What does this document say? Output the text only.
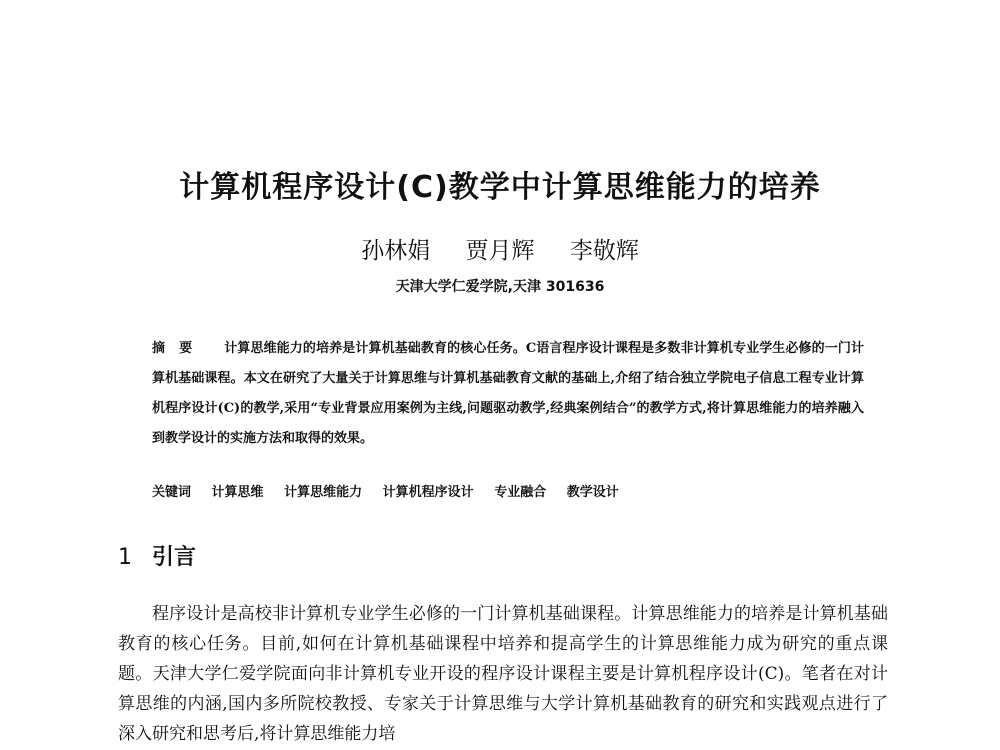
计算机程序设计(C)教学中计算思维能力的培养
孙林娟 贾月辉 李敬辉
天津大学仁爱学院,天津 301636
摘要 计算思维能力的培养是计算机基础教育的核心任务。C语言程序设计课程是多数非计算机专业学生必修的一门计算机基础课程。本文在研究了大量关于计算思维与计算机基础教育文献的基础上,介绍了结合独立学院电子信息工程专业计算机程序设计(C)的教学,采用“专业背景应用案例为主线,问题驱动教学,经典案例结合”的教学方式,将计算思维能力的培养融入到教学设计的实施方法和取得的效果。
关键词 计算思维 计算思维能力 计算机程序设计 专业融合 教学设计
1 引言

程序设计是高校非计算机专业学生必修的一门计算机基础课程。计算思维能力的培养是计算机基础教育的核心任务。目前,如何在计算机基础课程中培养和提高学生的计算思维能力成为研究的重点课题。天津大学仁爱学院面向非计算机专业开设的程序设计课程主要是计算机程序设计(C)。笔者在对计算思维的内涵,国内多所院校教授、专家关于计算思维与大学计算机基础教育的研究和实践观点进行了深入研究和思考后,将计算思维能力培
